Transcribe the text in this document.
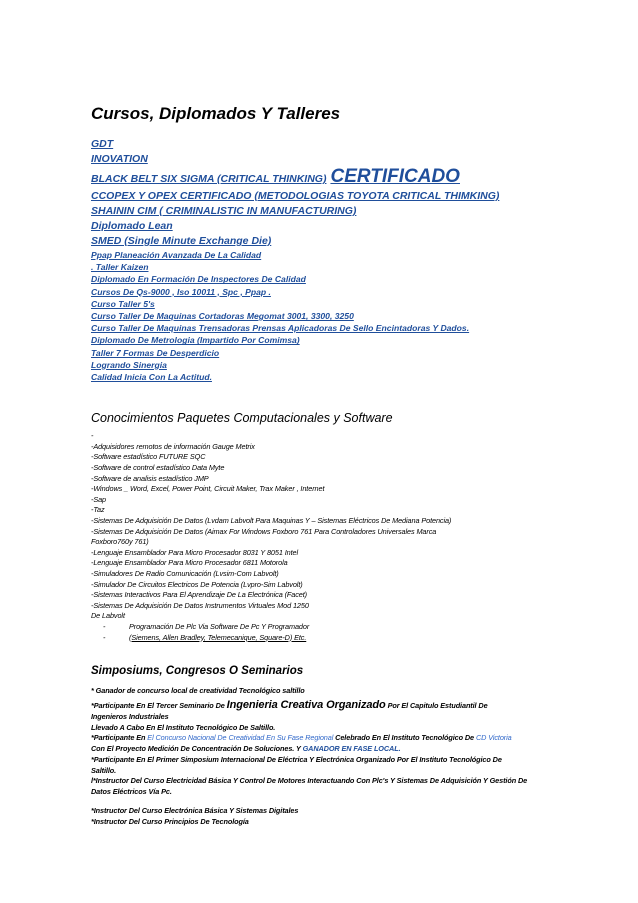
Cursos, Diplomados Y Talleres
GDT
INOVATION
BLACK BELT SIX SIGMA (CRITICAL THINKING) CERTIFICADO
CCOPEX Y OPEX CERTIFICADO (METODOLOGIAS TOYOTA CRITICAL THIMKING)
SHAININ CIM ( CRIMINALISTIC IN MANUFACTURING)
Diplomado Lean
SMED (Single Minute Exchange Die)
Ppap Planeación Avanzada De La Calidad
. Taller Kaizen
Diplomado En Formación De Inspectores De Calidad
Cursos De Qs-9000 , Iso 10011 , Spc , Ppap .
Curso Taller 5's
Curso Taller De Maquinas Cortadoras Megomat 3001, 3300, 3250
Curso Taller De Maquinas Trensadoras Prensas Aplicadoras De Sello Encintadoras Y Dados.
Diplomado De Metrologia (Impartido Por Comimsa)
Taller 7 Formas De Desperdicio
Logrando Sinergia
Calidad Inicia Con La Actitud.
Conocimientos Paquetes Computacionales y Software
-
-Adquisidores remotos de información Gauge Metrix
-Software estadístico FUTURE SQC
-Software de control estadístico Data Myte
-Software de analisis estadístico JMP
-Windows _ Word, Excel, Power Point, Circuit Maker, Trax Maker , Internet
-Sap
-Taz
-Sistemas De Adquisición De Datos (Lvdam Labvolt Para Maquinas Y – Sistemas Eléctricos De Mediana Potencia)
-Sistemas De Adquisición De Datos (Aimax For Windows Foxboro 761 Para Controladores Universales Marca
Foxboro760y 761)
-Lenguaje Ensamblador Para Micro Procesador 8031 Y 8051 Intel
-Lenguaje Ensamblador Para Micro Procesador 6811 Motorola
-Simuladores De Radio Comunicación (Lvsim-Com Labvolt)
-Simulador De Circuitos Electricos De Potencia (Lvpro-Sim Labvolt)
-Sistemas Interactivos Para El Aprendizaje De La Electrónica (Facet)
-Sistemas De Adquisición De Datos Instrumentos Virtuales Mod 1250
De Labvolt
-	Programación De Plc Via Software De Pc Y Programador
-	(Siemens, Allen Bradley, Telemecanique, Square-D) Etc.
Simposiums, Congresos O Seminarios
* Ganador de concurso local de creatividad Tecnológico saltillo
*Participante En El Tercer Seminario De Ingenieria Creativa Organizado Por El Capitulo Estudiantil De
Ingenieros Industriales
Llevado A Cabo En El Instituto Tecnológico De Saltillo.
*Participante En El Concurso Nacional De Creatividad En Su Fase Regional Celebrado En El Instituto Tecnológico De CD Victoria
Con El Proyecto Medición De Concentración De Soluciones. Y GANADOR EN FASE LOCAL.
*Participante En El Primer Simposium Internacional De Eléctrica Y Electrónica Organizado Por El Instituto Tecnológico De
Saltillo.
l*Instructor Del Curso Electricidad Básica Y Control De Motores Interactuando Con Plc's Y Sistemas De Adquisición Y Gestión De
Datos Eléctricos Vía Pc.
*Instructor Del Curso Electrónica Básica Y Sistemas Digitales
*Instructor Del Curso Principios De Tecnología
